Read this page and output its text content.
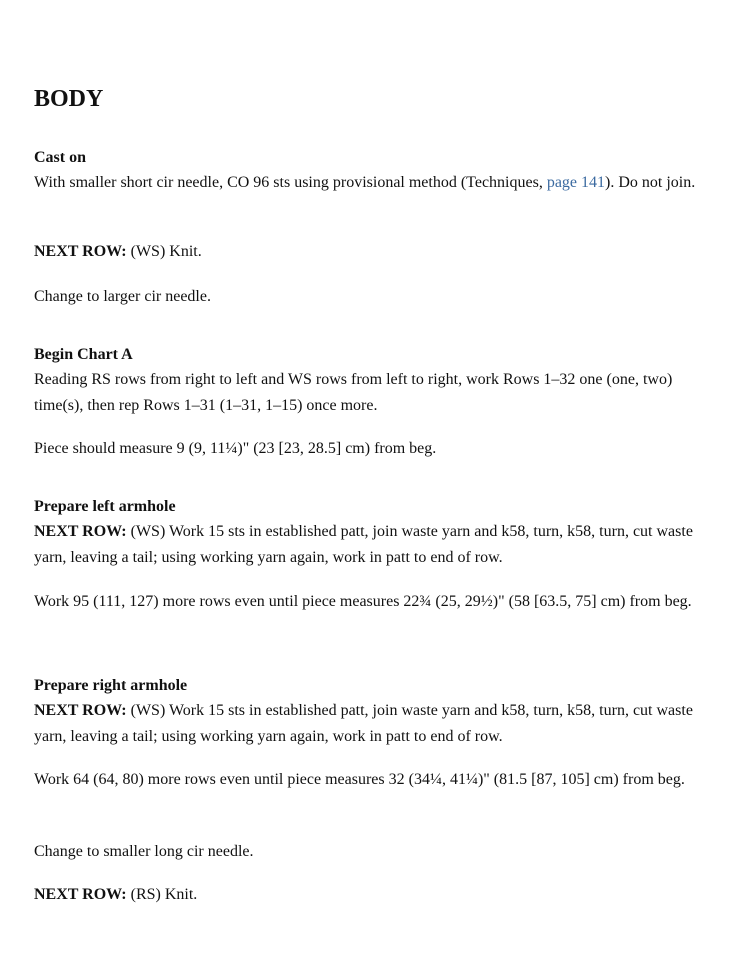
BODY

Cast on

With smaller short cir needle, CO 96 sts using provisional method (Techniques, page 141). Do not join.

NEXT ROW: (WS) Knit.

Change to larger cir needle.

Begin Chart A

Reading RS rows from right to left and WS rows from left to right, work Rows 1–32 one (one, two) time(s), then rep Rows 1–31 (1–31, 1–15) once more.

Piece should measure 9 (9, 11¼)" (23 [23, 28.5] cm) from beg.

Prepare left armhole

NEXT ROW: (WS) Work 15 sts in established patt, join waste yarn and k58, turn, k58, turn, cut waste yarn, leaving a tail; using working yarn again, work in patt to end of row.

Work 95 (111, 127) more rows even until piece measures 22¾ (25, 29½)" (58 [63.5, 75] cm) from beg.

Prepare right armhole

NEXT ROW: (WS) Work 15 sts in established patt, join waste yarn and k58, turn, k58, turn, cut waste yarn, leaving a tail; using working yarn again, work in patt to end of row.

Work 64 (64, 80) more rows even until piece measures 32 (34¼, 41¼)" (81.5 [87, 105] cm) from beg.

Change to smaller long cir needle.

NEXT ROW: (RS) Knit.
